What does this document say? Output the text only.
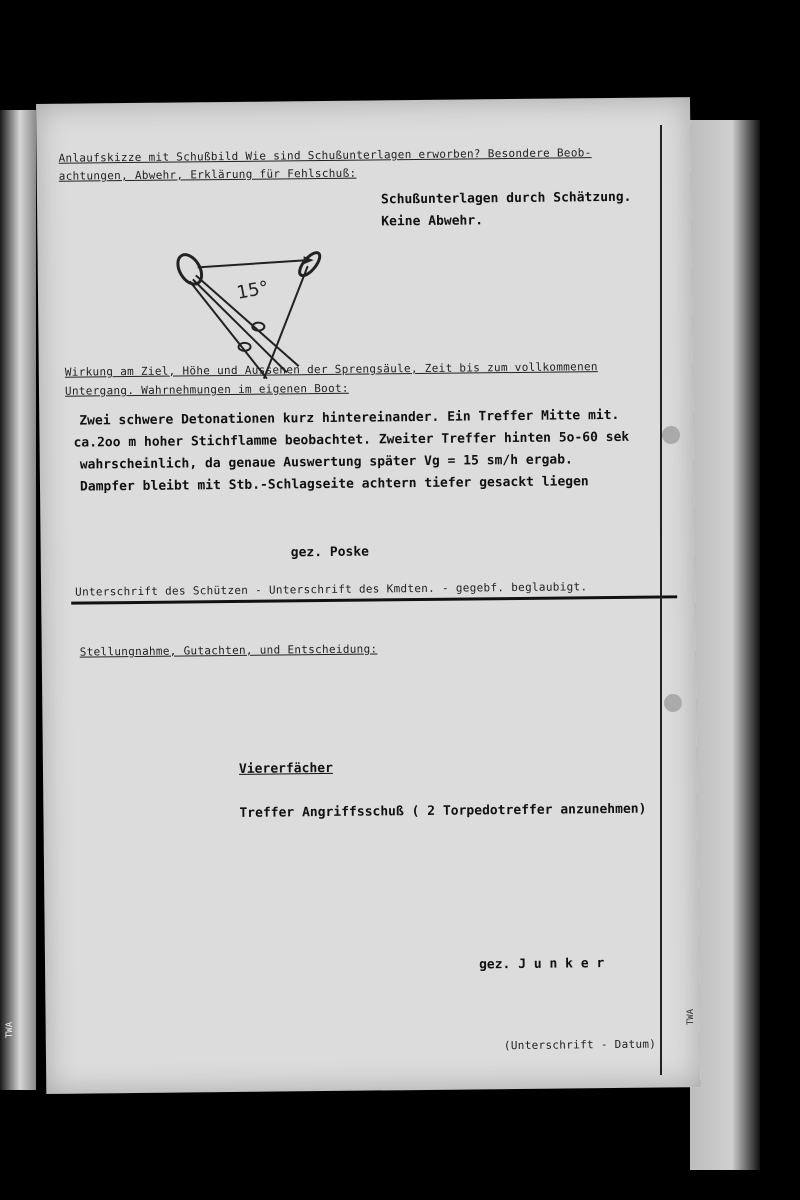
Anlaufskizze mit Schußbild Wie sind Schußunterlagen erworben? Besondere Beob-
achtungen, Abwehr, Erklärung für Fehlschuß:
Schußunterlagen durch Schätzung.
Keine Abwehr.
15°
Wirkung am Ziel, Höhe und Aussehen der Sprengsäule, Zeit bis zum vollkommenen
Untergang. Wahrnehmungen im eigenen Boot:
Zwei schwere Detonationen kurz hintereinander. Ein Treffer Mitte mit.
ca.2oo m hoher Stichflamme beobachtet. Zweiter Treffer hinten 5o-60 sek
wahrscheinlich, da genaue Auswertung später Vg = 15 sm/h ergab.
Dampfer bleibt mit Stb.-Schlagseite achtern tiefer gesackt liegen
gez. Poske
Unterschrift des Schützen - Unterschrift des Kmdten. - gegebf. beglaubigt.
Stellungnahme, Gutachten, und Entscheidung:
Viererfächer
Treffer Angriffsschuß ( 2 Torpedotreffer anzunehmen)
gez. J u n k e r
(Unterschrift - Datum)
TWA
TWA
